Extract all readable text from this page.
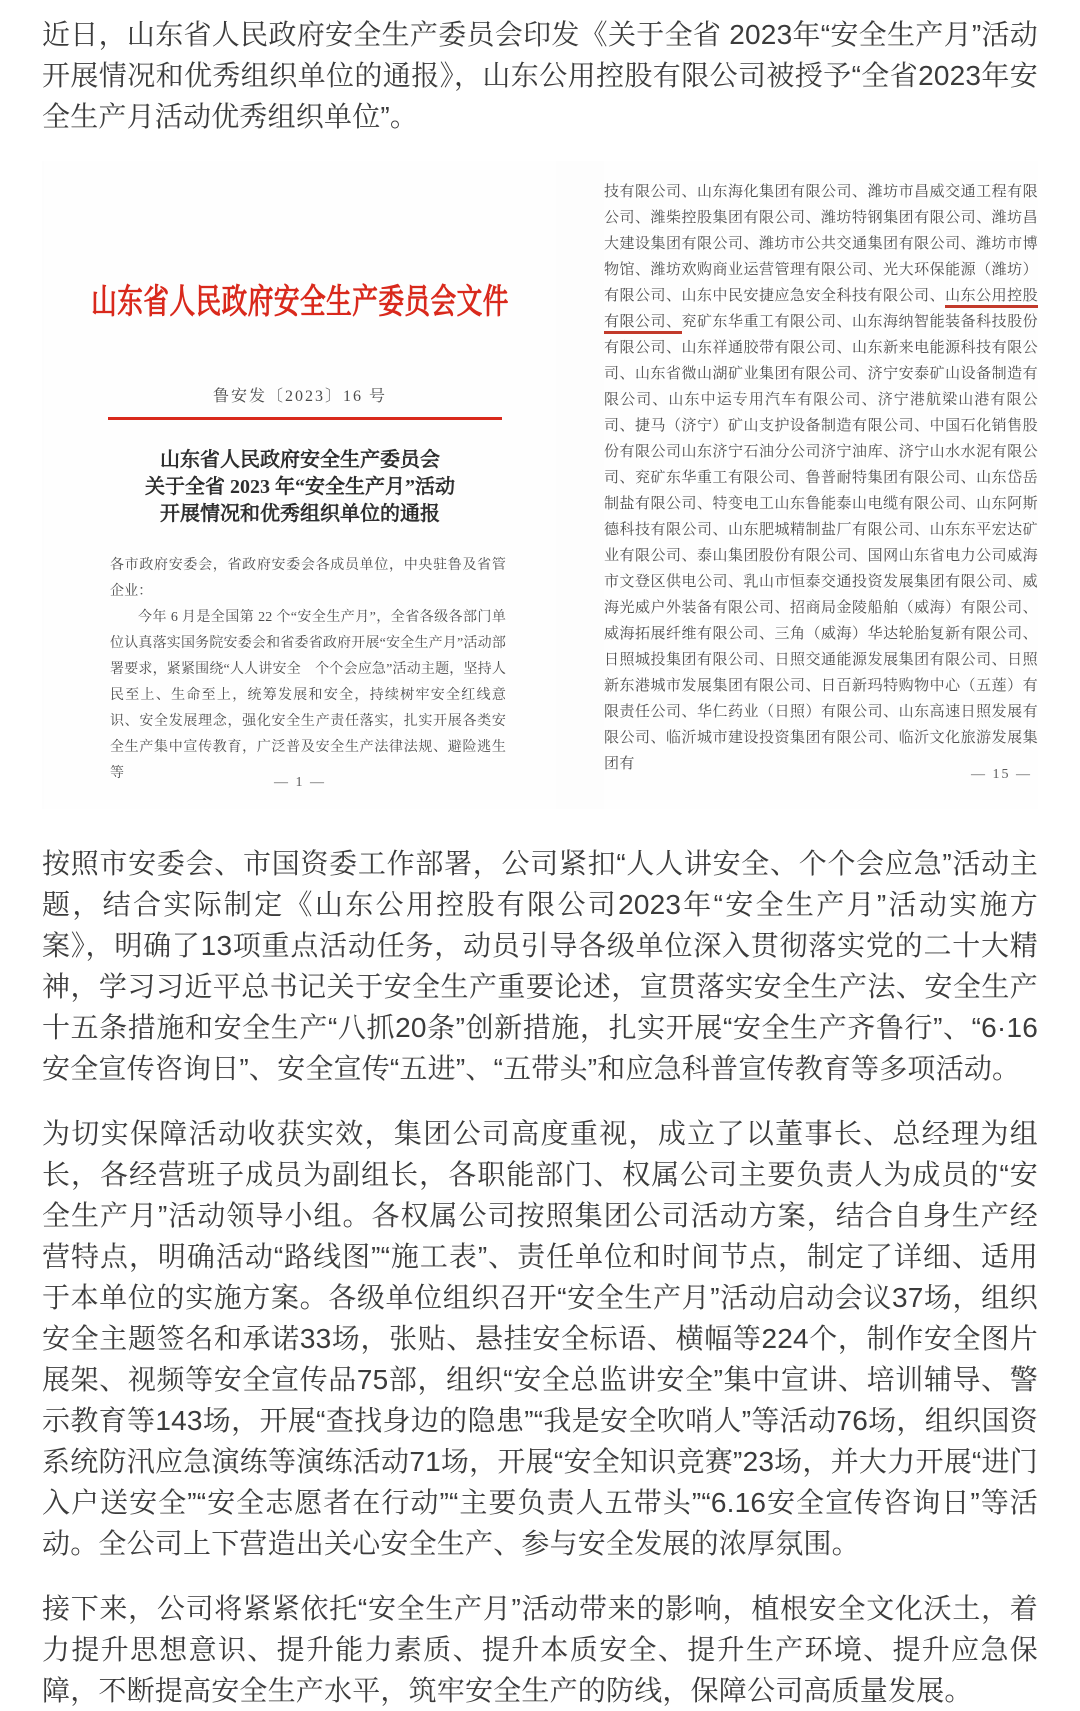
近日，山东省人民政府安全生产委员会印发《关于全省 2023年“安全生产月”活动开展情况和优秀组织单位的通报》，山东公用控股有限公司被授予“全省2023年安全生产月活动优秀组织单位”。

山东省人民政府安全生产委员会文件
鲁安发〔2023〕16 号
山东省人民政府安全生产委员会
关于全省 2023 年“安全生产月”活动
开展情况和优秀组织单位的通报

各市政府安委会，省政府安委会各成员单位，中央驻鲁及省管企业：

今年 6 月是全国第 22 个“安全生产月”，全省各级各部门单位认真落实国务院安委会和省委省政府开展“安全生产月”活动部署要求，紧紧围绕“人人讲安全　个个会应急”活动主题，坚持人民至上、生命至上，统筹发展和安全，持续树牢安全红线意识、安全发展理念，强化安全生产责任落实，扎实开展各类安全生产集中宣传教育，广泛普及安全生产法律法规、避险逃生等

— 1 —

技有限公司、山东海化集团有限公司、潍坊市昌威交通工程有限公司、潍柴控股集团有限公司、潍坊特钢集团有限公司、潍坊昌大建设集团有限公司、潍坊市公共交通集团有限公司、潍坊市博物馆、潍坊欢购商业运营管理有限公司、光大环保能源（潍坊）有限公司、山东中民安捷应急安全科技有限公司、山东公用控股有限公司、兖矿东华重工有限公司、山东海纳智能装备科技股份有限公司、山东祥通胶带有限公司、山东新来电能源科技有限公司、山东省微山湖矿业集团有限公司、济宁安泰矿山设备制造有限公司、山东中运专用汽车有限公司、济宁港航梁山港有限公司、捷马（济宁）矿山支护设备制造有限公司、中国石化销售股份有限公司山东济宁石油分公司济宁油库、济宁山水水泥有限公司、兖矿东华重工有限公司、鲁普耐特集团有限公司、山东岱岳制盐有限公司、特变电工山东鲁能泰山电缆有限公司、山东阿斯德科技有限公司、山东肥城精制盐厂有限公司、山东东平宏达矿业有限公司、泰山集团股份有限公司、国网山东省电力公司威海市文登区供电公司、乳山市恒泰交通投资发展集团有限公司、威海光威户外装备有限公司、招商局金陵船舶（威海）有限公司、威海拓展纤维有限公司、三角（威海）华达轮胎复新有限公司、日照城投集团有限公司、日照交通能源发展集团有限公司、日照新东港城市发展集团有限公司、日百新玛特购物中心（五莲）有限责任公司、华仁药业（日照）有限公司、山东高速日照发展有限公司、临沂城市建设投资集团有限公司、临沂文化旅游发展集团有

— 15 —

按照市安委会、市国资委工作部署，公司紧扣“人人讲安全、个个会应急”活动主题，结合实际制定《山东公用控股有限公司2023年“安全生产月”活动实施方案》，明确了13项重点活动任务，动员引导各级单位深入贯彻落实党的二十大精神，学习习近平总书记关于安全生产重要论述，宣贯落实安全生产法、安全生产十五条措施和安全生产“八抓20条”创新措施，扎实开展“安全生产齐鲁行”、“6·16安全宣传咨询日”、安全宣传“五进”、“五带头”和应急科普宣传教育等多项活动。

为切实保障活动收获实效，集团公司高度重视，成立了以董事长、总经理为组长，各经营班子成员为副组长，各职能部门、权属公司主要负责人为成员的“安全生产月”活动领导小组。各权属公司按照集团公司活动方案，结合自身生产经营特点，明确活动“路线图”“施工表”、责任单位和时间节点，制定了详细、适用于本单位的实施方案。各级单位组织召开“安全生产月”活动启动会议37场，组织安全主题签名和承诺33场，张贴、悬挂安全标语、横幅等224个，制作安全图片展架、视频等安全宣传品75部，组织“安全总监讲安全”集中宣讲、培训辅导、警示教育等143场，开展“查找身边的隐患”“我是安全吹哨人”等活动76场，组织国资系统防汛应急演练等演练活动71场，开展“安全知识竞赛”23场，并大力开展“进门入户送安全”“安全志愿者在行动”“主要负责人五带头”“6.16安全宣传咨询日”等活动。全公司上下营造出关心安全生产、参与安全发展的浓厚氛围。

接下来，公司将紧紧依托“安全生产月”活动带来的影响，植根安全文化沃土，着力提升思想意识、提升能力素质、提升本质安全、提升生产环境、提升应急保障，不断提高安全生产水平，筑牢安全生产的防线，保障公司高质量发展。
